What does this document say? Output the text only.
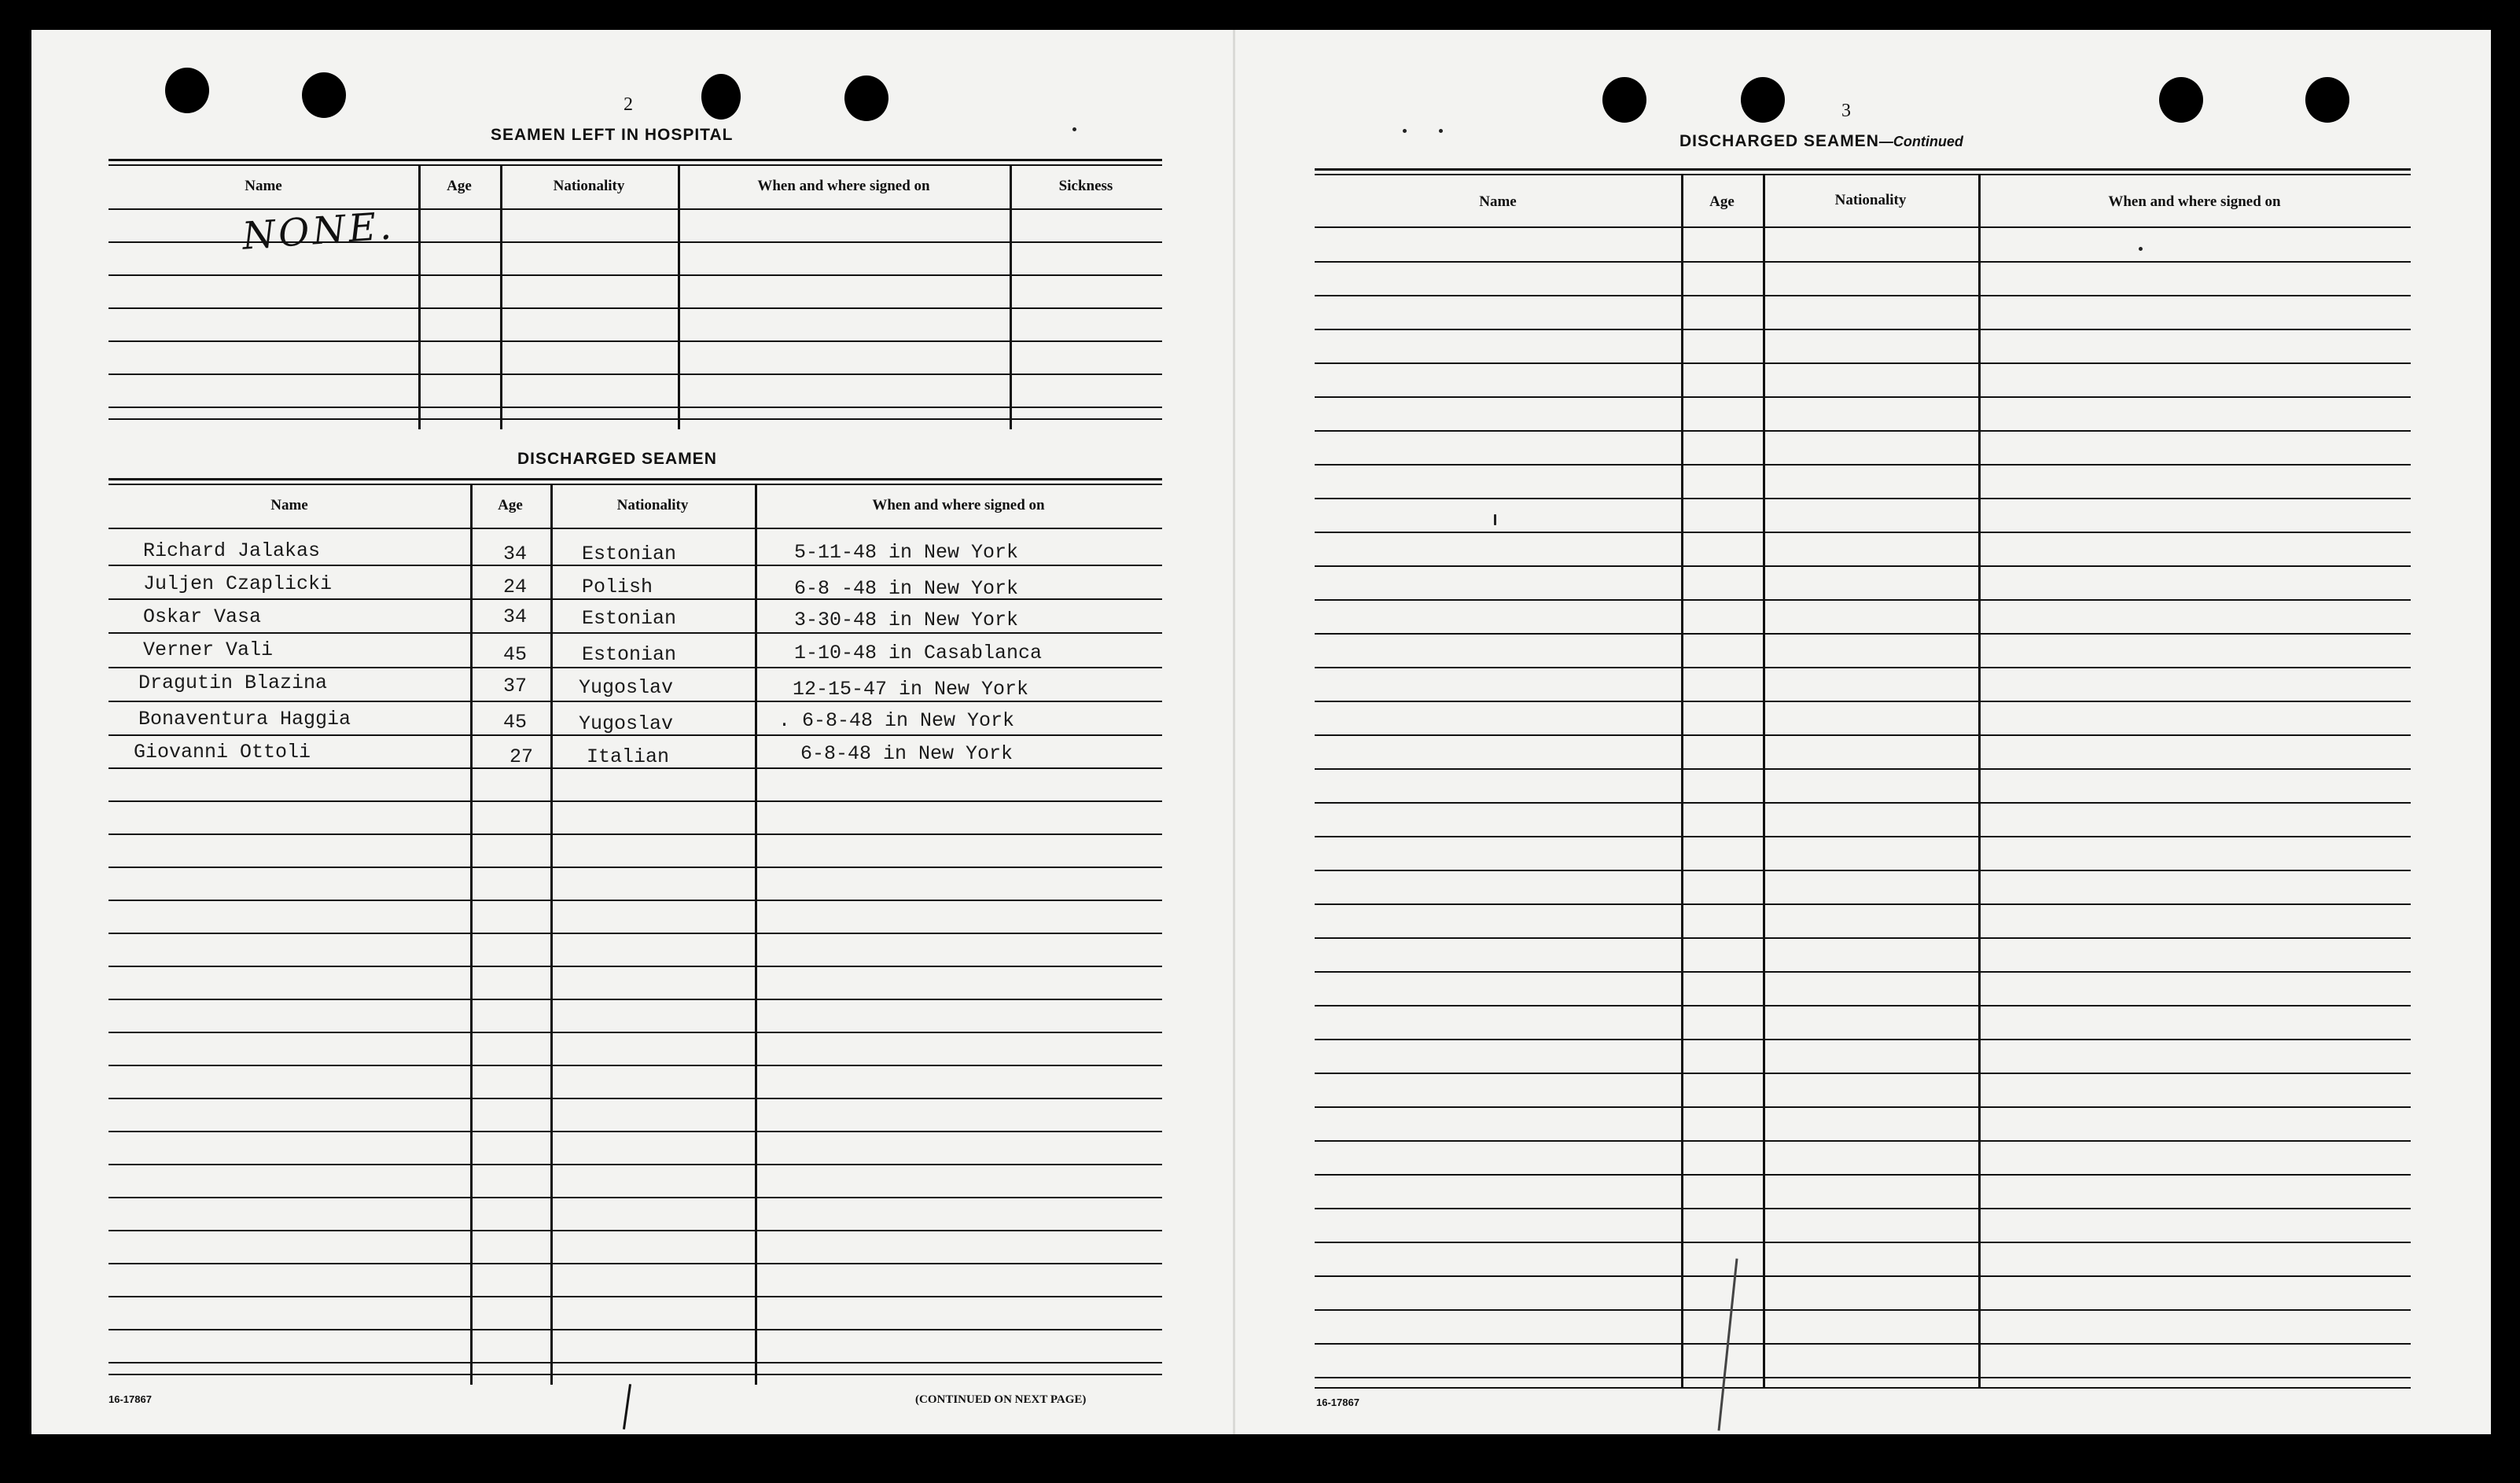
2
SEAMEN LEFT IN HOSPITAL
Name	Age	Nationality	When and where signed on	Sickness
NONE.
DISCHARGED SEAMEN
Name	Age	Nationality	When and where signed on
Richard Jalakas	34	Estonian	5-11-48 in New York
Juljen Czaplicki	24	Polish	6-8 -48 in New York
Oskar Vasa	34	Estonian	3-30-48 in New York
Verner Vali	45	Estonian	1-10-48 in Casablanca
Dragutin Blazina	37	Yugoslav	12-15-47 in New York
Bonaventura Haggia	45	Yugoslav	. 6-8-48 in New York
Giovanni Ottoli	27	Italian	6-8-48 in New York
16-17867	(CONTINUED ON NEXT PAGE)
3
DISCHARGED SEAMEN—Continued
Name	Age	Nationality	When and where signed on
16-17867
